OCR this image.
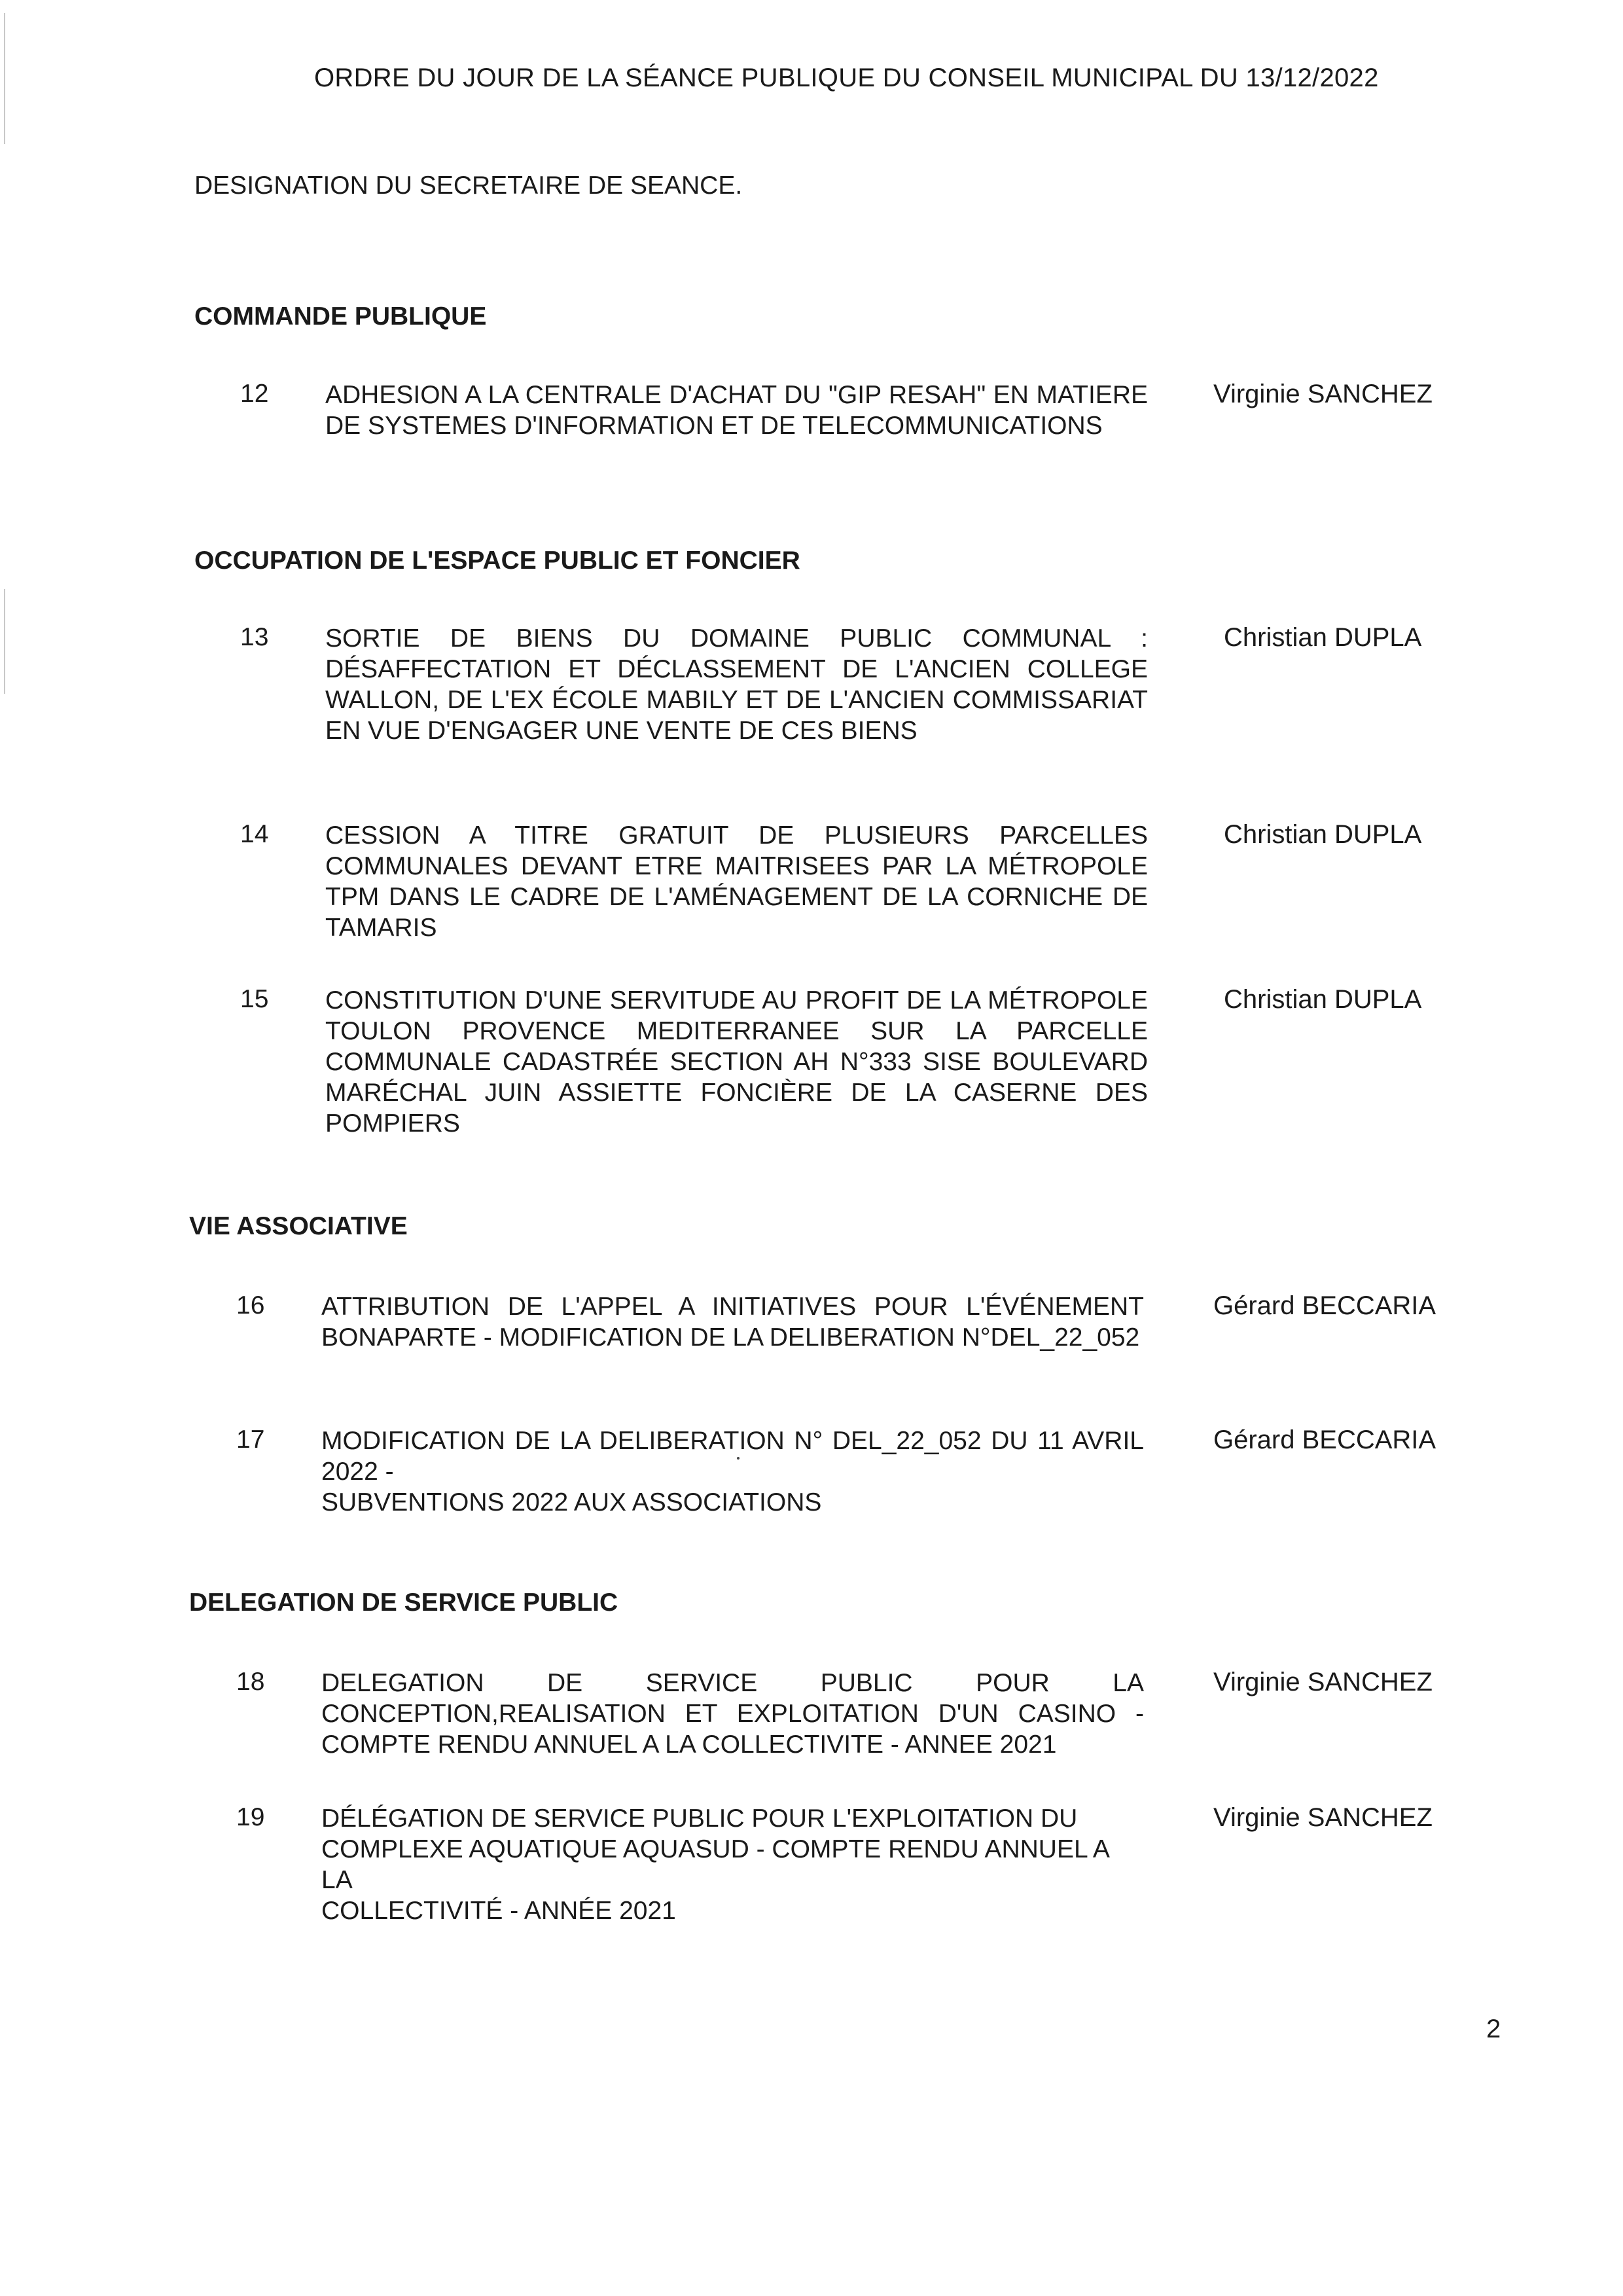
ORDRE DU JOUR DE LA SÉANCE PUBLIQUE DU CONSEIL MUNICIPAL DU 13/12/2022
DESIGNATION DU SECRETAIRE DE SEANCE.
COMMANDE PUBLIQUE
12 ADHESION A LA CENTRALE D'ACHAT DU "GIP RESAH" EN MATIERE DE SYSTEMES D'INFORMATION ET DE TELECOMMUNICATIONS
Virginie SANCHEZ
OCCUPATION DE L'ESPACE PUBLIC ET FONCIER
13 SORTIE DE BIENS DU DOMAINE PUBLIC COMMUNAL : DÉSAFFECTATION ET DÉCLASSEMENT DE L'ANCIEN COLLEGE WALLON, DE L'EX ÉCOLE MABILY ET DE L'ANCIEN COMMISSARIAT EN VUE D'ENGAGER UNE VENTE DE CES BIENS
Christian DUPLA
14 CESSION A TITRE GRATUIT DE PLUSIEURS PARCELLES COMMUNALES DEVANT ETRE MAITRISEES PAR LA MÉTROPOLE TPM DANS LE CADRE DE L'AMÉNAGEMENT DE LA CORNICHE DE TAMARIS
Christian DUPLA
15 CONSTITUTION D'UNE SERVITUDE AU PROFIT DE LA MÉTROPOLE TOULON PROVENCE MEDITERRANEE SUR LA PARCELLE COMMUNALE CADASTRÉE SECTION AH N°333 SISE BOULEVARD MARÉCHAL JUIN ASSIETTE FONCIÈRE DE LA CASERNE DES POMPIERS
Christian DUPLA
VIE ASSOCIATIVE
16 ATTRIBUTION DE L'APPEL A INITIATIVES POUR L'ÉVÉNEMENT BONAPARTE - MODIFICATION DE LA DELIBERATION N°DEL_22_052
Gérard BECCARIA
17 MODIFICATION DE LA DELIBERATION N° DEL_22_052 DU 11 AVRIL 2022 -
SUBVENTIONS 2022 AUX ASSOCIATIONS
Gérard BECCARIA
DELEGATION DE SERVICE PUBLIC
18 DELEGATION DE SERVICE PUBLIC POUR LA CONCEPTION,REALISATION ET EXPLOITATION D'UN CASINO - COMPTE RENDU ANNUEL A LA COLLECTIVITE - ANNEE 2021
Virginie SANCHEZ
19 DÉLÉGATION DE SERVICE PUBLIC POUR L'EXPLOITATION DU COMPLEXE AQUATIQUE AQUASUD - COMPTE RENDU ANNUEL A LA
COLLECTIVITÉ - ANNÉE 2021
Virginie SANCHEZ
2
